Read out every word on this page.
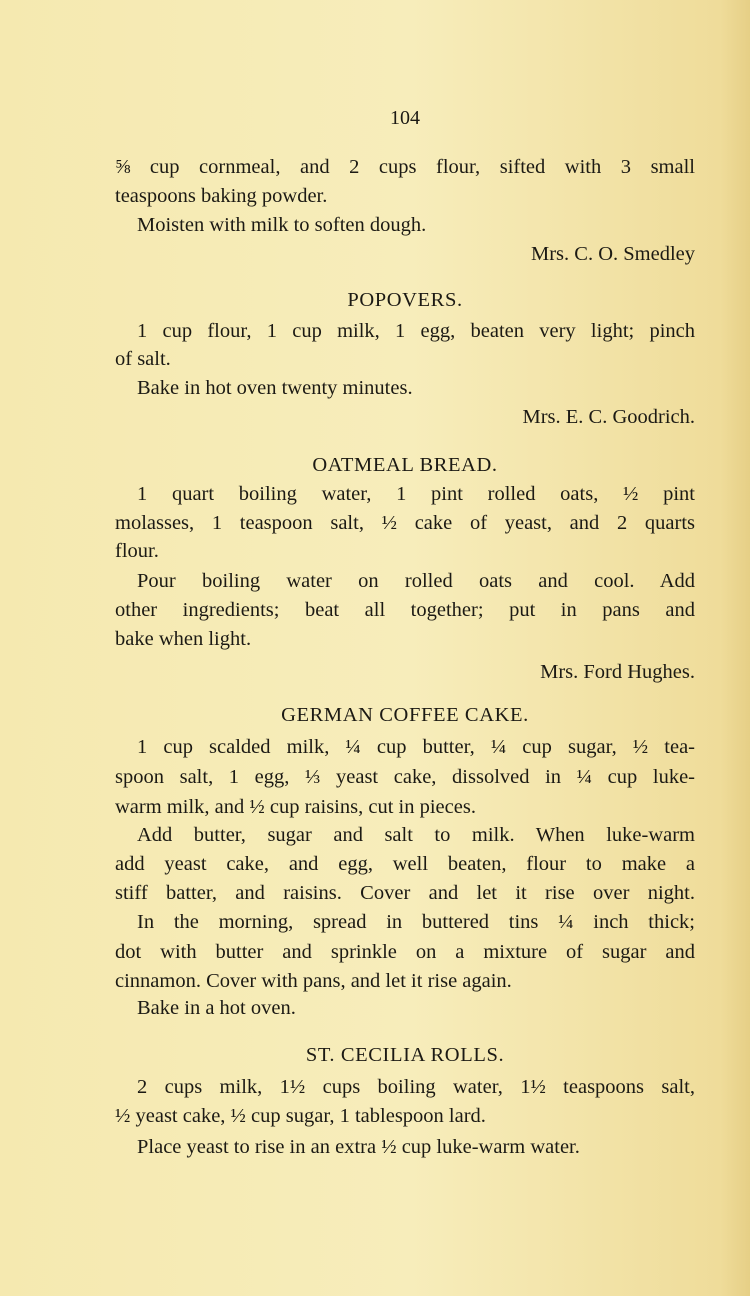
104
⅝ cup cornmeal, and 2 cups flour, sifted with 3 small
teaspoons baking powder.
Moisten with milk to soften dough.
Mrs. C. O. Smedley
POPOVERS.
1 cup flour, 1 cup milk, 1 egg, beaten very light; pinch
of salt.
Bake in hot oven twenty minutes.
Mrs. E. C. Goodrich.
OATMEAL BREAD.
1 quart boiling water, 1 pint rolled oats, ½ pint
molasses, 1 teaspoon salt, ½ cake of yeast, and 2 quarts
flour.
Pour boiling water on rolled oats and cool. Add
other ingredients; beat all together; put in pans and
bake when light.
Mrs. Ford Hughes.
GERMAN COFFEE CAKE.
1 cup scalded milk, ¼ cup butter, ¼ cup sugar, ½ tea-
spoon salt, 1 egg, ⅓ yeast cake, dissolved in ¼ cup luke-
warm milk, and ½ cup raisins, cut in pieces.
Add butter, sugar and salt to milk. When luke-warm
add yeast cake, and egg, well beaten, flour to make a
stiff batter, and raisins. Cover and let it rise over night.
In the morning, spread in buttered tins ¼ inch thick;
dot with butter and sprinkle on a mixture of sugar and
cinnamon. Cover with pans, and let it rise again.
Bake in a hot oven.
ST. CECILIA ROLLS.
2 cups milk, 1½ cups boiling water, 1½ teaspoons salt,
½ yeast cake, ½ cup sugar, 1 tablespoon lard.
Place yeast to rise in an extra ½ cup luke-warm water.
